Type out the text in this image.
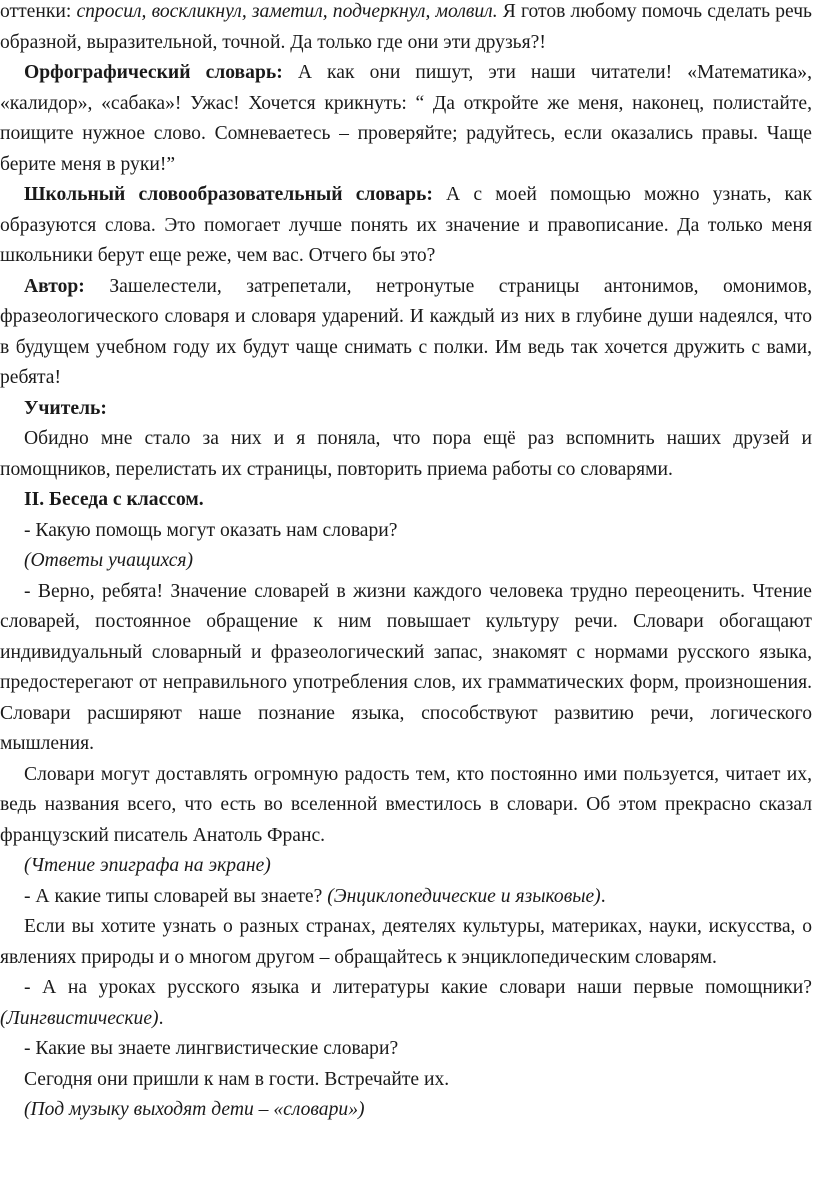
оттенки: спросил, воскликнул, заметил, подчеркнул, молвил. Я готов любому помочь сделать речь образной, выразительной, точной. Да только где они эти друзья?!

Орфографический словарь: А как они пишут, эти наши читатели! «Математика», «калидор», «сабака»! Ужас! Хочется крикнуть: “ Да откройте же меня, наконец, полистайте, поищите нужное слово. Сомневаетесь – проверяйте; радуйтесь, если оказались правы. Чаще берите меня в руки!”

Школьный словообразовательный словарь: А с моей помощью можно узнать, как образуются слова. Это помогает лучше понять их значение и правописание. Да только меня школьники берут еще реже, чем вас. Отчего бы это?

Автор: Зашелестели, затрепетали, нетронутые страницы антонимов, омонимов, фразеологического словаря и словаря ударений. И каждый из них в глубине души надеялся, что в будущем учебном году их будут чаще снимать с полки. Им ведь так хочется дружить с вами, ребята!

Учитель:

Обидно мне стало за них и я поняла, что пора ещё раз вспомнить наших друзей и помощников, перелистать их страницы, повторить приема работы со словарями.

II. Беседа с классом.

- Какую помощь могут оказать нам словари?

(Ответы учащихся)

- Верно, ребята! Значение словарей в жизни каждого человека трудно переоценить. Чтение словарей, постоянное обращение к ним повышает культуру речи. Словари обогащают индивидуальный словарный и фразеологический запас, знакомят с нормами русского языка, предостерегают от неправильного употребления слов, их грамматических форм, произношения. Словари расширяют наше познание языка, способствуют развитию речи, логического мышления.

Словари могут доставлять огромную радость тем, кто постоянно ими пользуется, читает их, ведь названия всего, что есть во вселенной вместилось в словари. Об этом прекрасно сказал французский писатель Анатоль Франс.

(Чтение эпиграфа на экране)

- А какие типы словарей вы знаете? (Энциклопедические и языковые).

Если вы хотите узнать о разных странах, деятелях культуры, материках, науки, искусства, о явлениях природы и о многом другом – обращайтесь к энциклопедическим словарям.

- А на уроках русского языка и литературы какие словари наши первые помощники? (Лингвистические).

- Какие вы знаете лингвистические словари?

Сегодня они пришли к нам в гости. Встречайте их.

(Под музыку выходят дети – «словари»)
